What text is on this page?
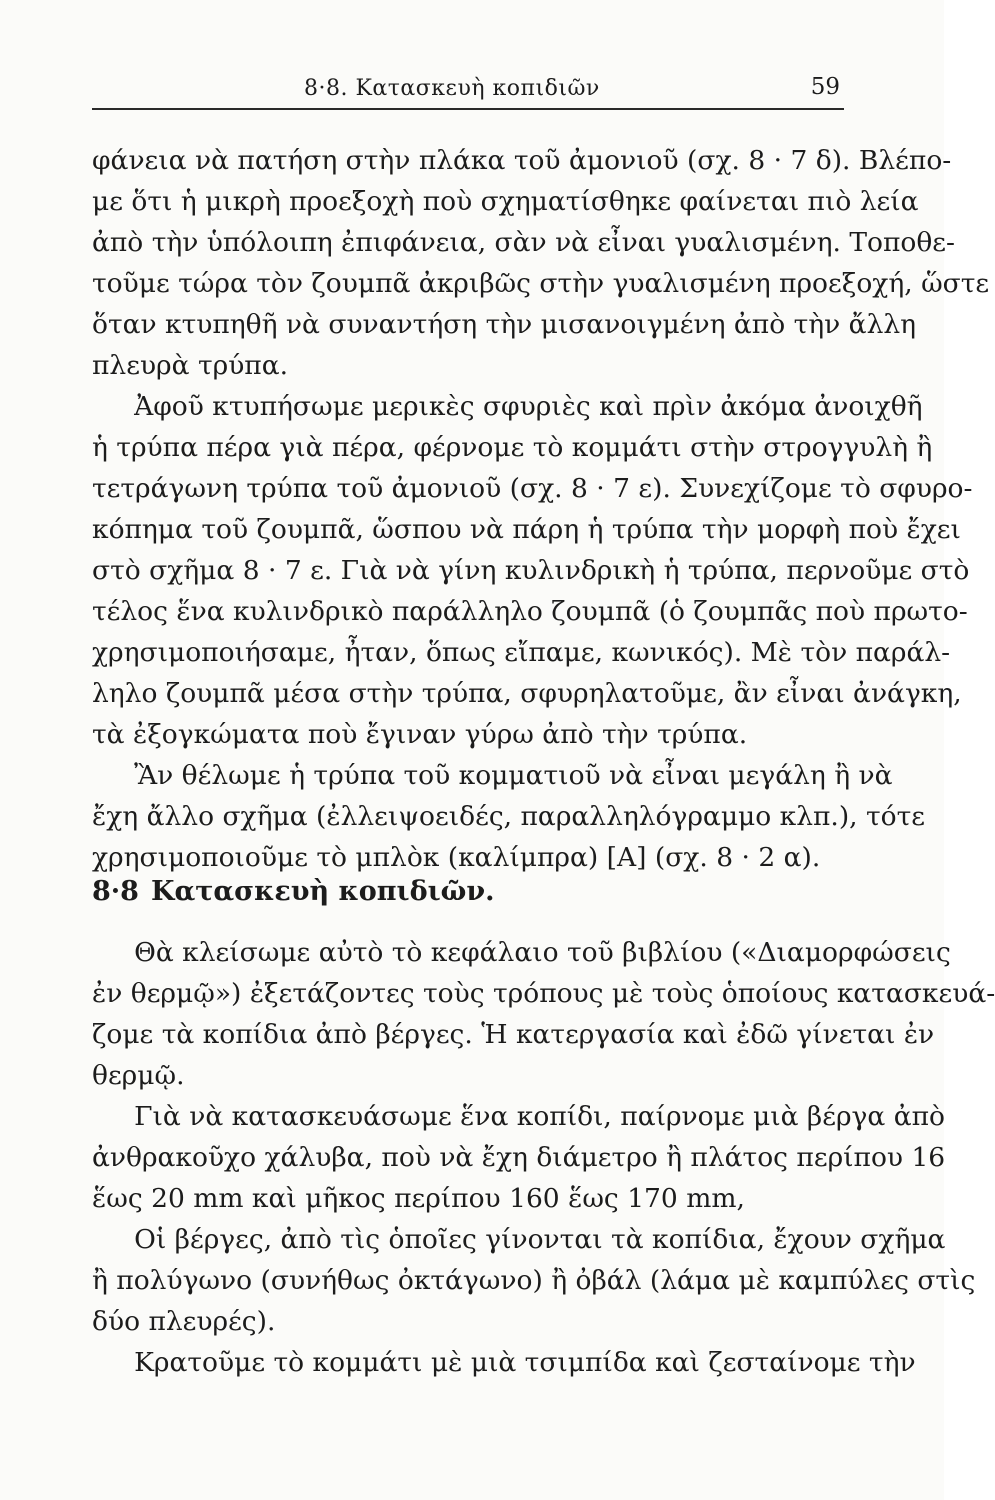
8·8. Κατασκευὴ κοπιδιῶν	59
φάνεια νὰ πατήση στὴν πλάκα τοῦ ἀμονιοῦ (σχ. 8 · 7 δ). Βλέπο-
με ὅτι ἡ μικρὴ προεξοχὴ ποὺ σχηματίσθηκε φαίνεται πιὸ λεία
ἀπὸ τὴν ὑπόλοιπη ἐπιφάνεια, σὰν νὰ εἶναι γυαλισμένη. Τοποθε-
τοῦμε τώρα τὸν ζουμπᾶ ἀκριβῶς στὴν γυαλισμένη προεξοχή, ὥστε
ὅταν κτυπηθῆ νὰ συναντήση τὴν μισανοιγμένη ἀπὸ τὴν ἄλλη
πλευρὰ τρύπα.
Ἀφοῦ κτυπήσωμε μερικὲς σφυριὲς καὶ πρὶν ἀκόμα ἀνοιχθῆ
ἡ τρύπα πέρα γιὰ πέρα, φέρνομε τὸ κομμάτι στὴν στρογγυλὴ ἢ
τετράγωνη τρύπα τοῦ ἀμονιοῦ (σχ. 8 · 7 ε). Συνεχίζομε τὸ σφυρο-
κόπημα τοῦ ζουμπᾶ, ὥσπου νὰ πάρη ἡ τρύπα τὴν μορφὴ ποὺ ἔχει
στὸ σχῆμα 8 · 7 ε. Γιὰ νὰ γίνη κυλινδρικὴ ἡ τρύπα, περνοῦμε στὸ
τέλος ἕνα κυλινδρικὸ παράλληλο ζουμπᾶ (ὁ ζουμπᾶς ποὺ πρωτο-
χρησιμοποιήσαμε, ἦταν, ὅπως εἴπαμε, κωνικός). Μὲ τὸν παράλ-
ληλο ζουμπᾶ μέσα στὴν τρύπα, σφυρηλατοῦμε, ἂν εἶναι ἀνάγκη,
τὰ ἐξογκώματα ποὺ ἔγιναν γύρω ἀπὸ τὴν τρύπα.
Ἂν θέλωμε ἡ τρύπα τοῦ κομματιοῦ νὰ εἶναι μεγάλη ἢ νὰ
ἔχη ἄλλο σχῆμα (ἐλλειψοειδές, παραλληλόγραμμο κλπ.), τότε
χρησιμοποιοῦμε τὸ μπλὸκ (καλίμπρα) [Α] (σχ. 8 · 2 α).
8·8 Κατασκευὴ κοπιδιῶν.
Θὰ κλείσωμε αὐτὸ τὸ κεφάλαιο τοῦ βιβλίου («Διαμορφώσεις
ἐν θερμῷ») ἐξετάζοντες τοὺς τρόπους μὲ τοὺς ὁποίους κατασκευά-
ζομε τὰ κοπίδια ἀπὸ βέργες. Ἡ κατεργασία καὶ ἐδῶ γίνεται ἐν
θερμῷ.
Γιὰ νὰ κατασκευάσωμε ἕνα κοπίδι, παίρνομε μιὰ βέργα ἀπὸ
ἀνθρακοῦχο χάλυβα, ποὺ νὰ ἔχη διάμετρο ἢ πλάτος περίπου 16
ἕως 20 mm καὶ μῆκος περίπου 160 ἕως 170 mm,
Οἱ βέργες, ἀπὸ τὶς ὁποῖες γίνονται τὰ κοπίδια, ἔχουν σχῆμα
ἢ πολύγωνο (συνήθως ὀκτάγωνο) ἢ ὀβάλ (λάμα μὲ καμπύλες στὶς
δύο πλευρές).
Κρατοῦμε τὸ κομμάτι μὲ μιὰ τσιμπίδα καὶ ζεσταίνομε τὴν
